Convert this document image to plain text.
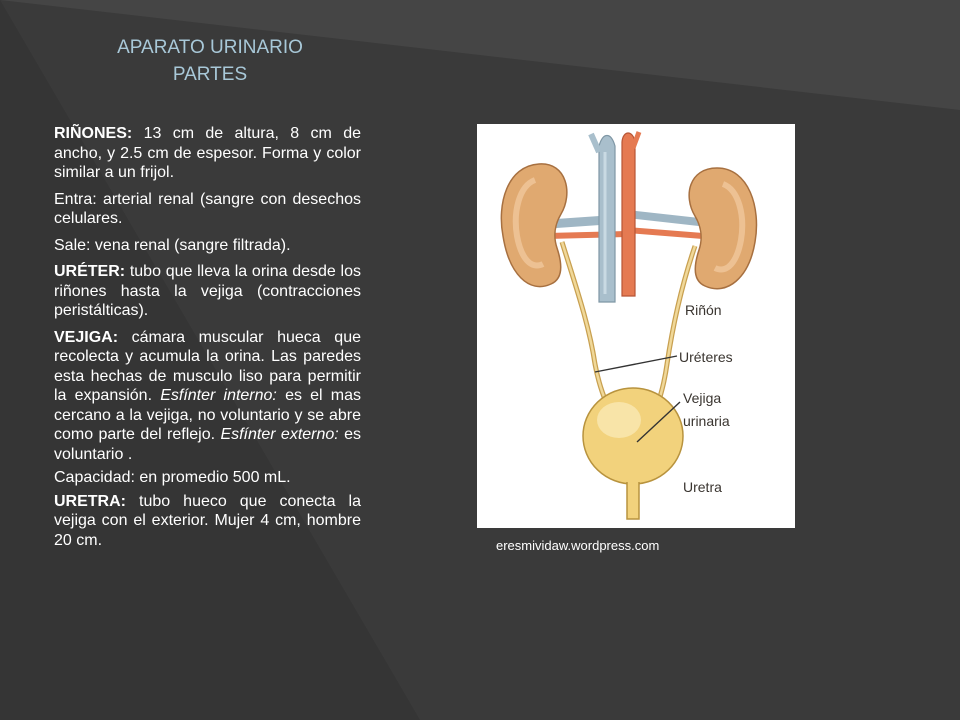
APARATO URINARIO
PARTES

RIÑONES: 13 cm de altura, 8 cm de ancho, y 2.5 cm de espesor. Forma y color similar a un frijol.

Entra: arterial renal (sangre con desechos celulares.

Sale: vena renal (sangre filtrada).

URÉTER: tubo que lleva la orina desde los riñones hasta la vejiga (contracciones peristálticas).

VEJIGA: cámara muscular hueca que recolecta y acumula la orina. Las paredes esta hechas de musculo liso para permitir la expansión. Esfínter interno: es el mas cercano a la vejiga, no voluntario y se abre como parte del reflejo. Esfínter externo: es voluntario .

Capacidad: en promedio 500 mL.

URETRA: tubo hueco que conecta la vejiga con el exterior. Mujer 4 cm, hombre 20 cm.

Riñón
Uréteres
Vejiga
urinaria
Uretra
eresmividaw.wordpress.com
